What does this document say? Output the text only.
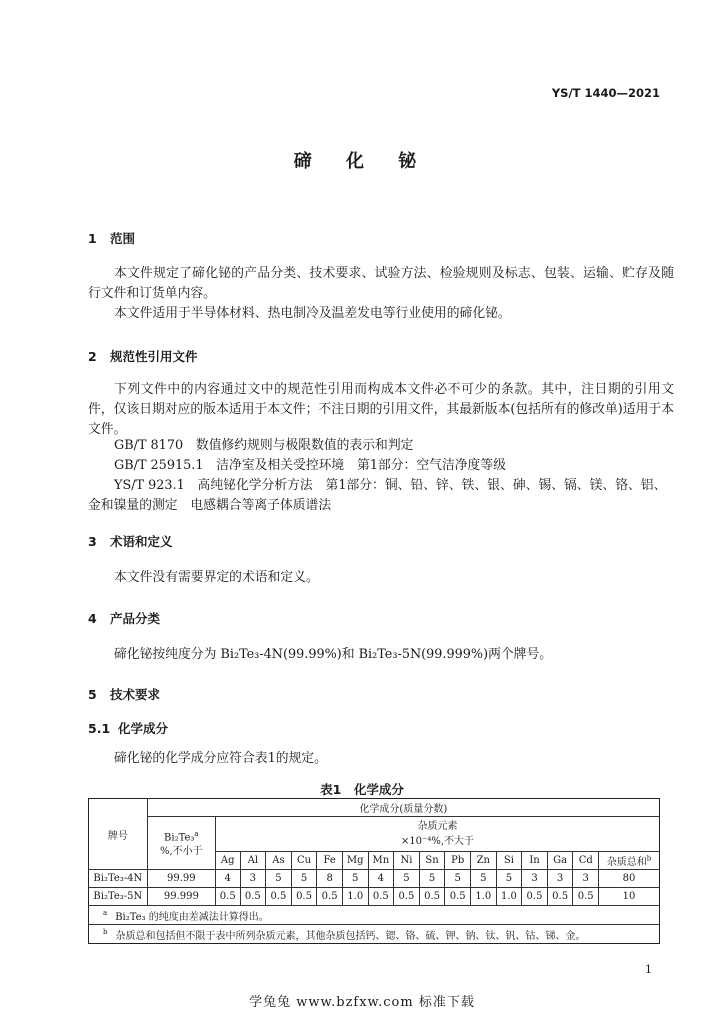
YS/T 1440—2021
碲 化 铋
1 范围
本文件规定了碲化铋的产品分类、技术要求、试验方法、检验规则及标志、包装、运输、贮存及随行文件和订货单内容。
本文件适用于半导体材料、热电制冷及温差发电等行业使用的碲化铋。
2 规范性引用文件
下列文件中的内容通过文中的规范性引用而构成本文件必不可少的条款。其中，注日期的引用文件，仅该日期对应的版本适用于本文件；不注日期的引用文件，其最新版本(包括所有的修改单)适用于本文件。
GB/T 8170　数值修约规则与极限数值的表示和判定
GB/T 25915.1　洁净室及相关受控环境　第1部分：空气洁净度等级
YS/T 923.1　高纯铋化学分析方法　第1部分：铜、铅、锌、铁、银、砷、锡、镉、镁、铬、铝、金和镍量的测定　电感耦合等离子体质谱法
3 术语和定义
本文件没有需要界定的术语和定义。
4 产品分类
碲化铋按纯度分为 Bi₂Te₃-4N(99.99%)和 Bi₂Te₃-5N(99.999%)两个牌号。
5 技术要求
5.1 化学成分
碲化铋的化学成分应符合表1的规定。
表1　化学成分
牌号	化学成分(质量分数)																
	Bi₂Te₃$^a$
%,不小于	杂质元素
×10⁻⁴%,不大于															
		Ag	Al	As	Cu	Fe	Mg	Mn	Ni	Sn	Pb	Zn	Si	In	Ga	Cd	杂质总和$^b$
Bi₂Te₃-4N	99.99	4	3	5	5	8	5	4	5	5	5	5	5	3	3	3	80
Bi₂Te₃-5N	99.999	0.5	0.5	0.5	0.5	0.5	1.0	0.5	0.5	0.5	0.5	1.0	1.0	0.5	0.5	0.5	10
$^a$ Bi₂Te₃ 的纯度由差减法计算得出。																	
$^b$ 杂质总和包括但不限于表中所列杂质元素，其他杂质包括钙、锶、铬、硫、钾、钠、钛、钒、钴、锑、金。																	
1
学兔兔 www.bzfxw.com 标准下载
